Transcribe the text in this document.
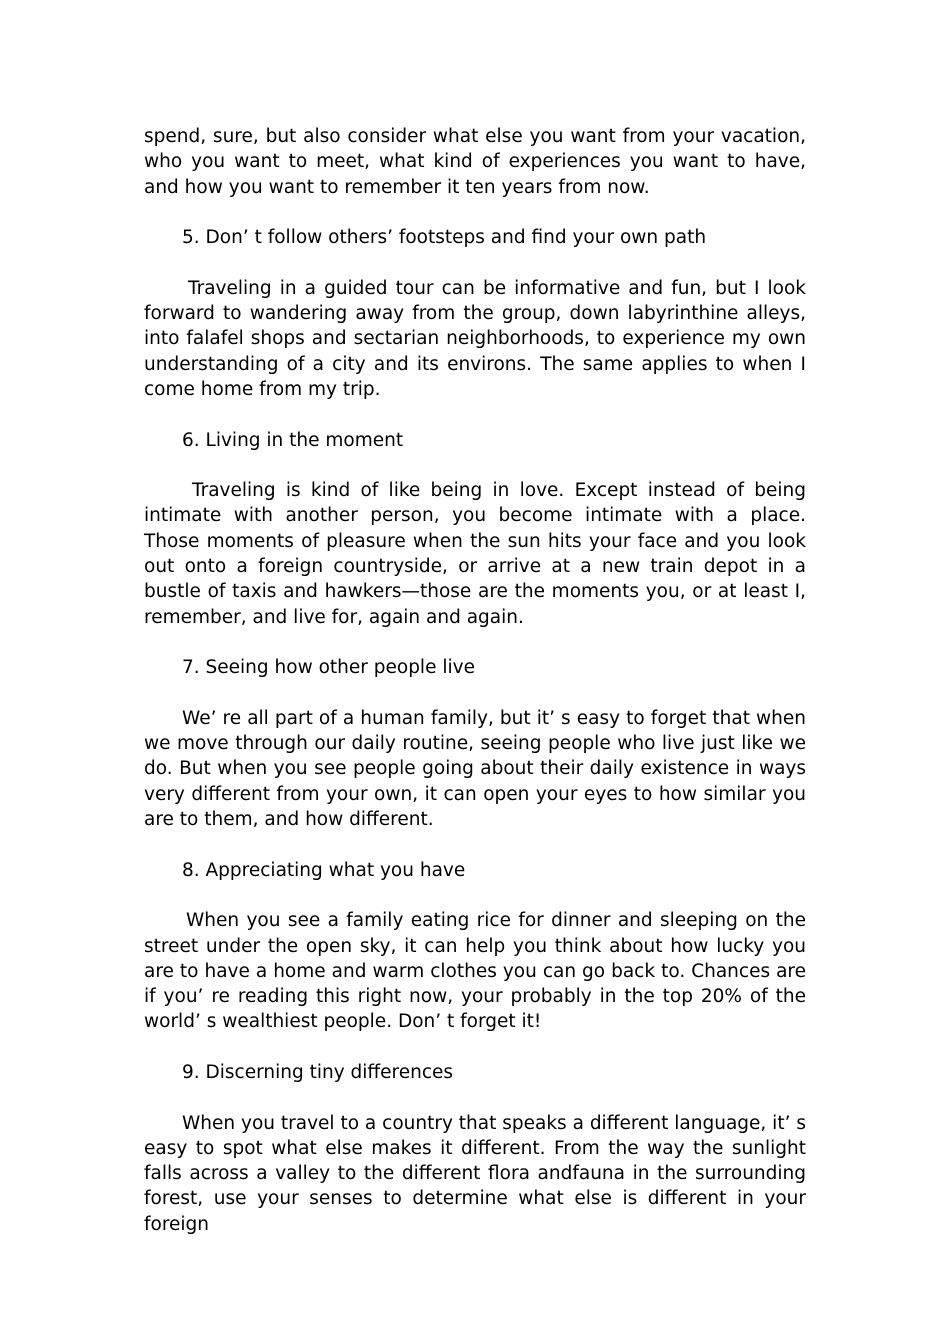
spend, sure, but also consider what else you want from your vacation, who you want to meet, what kind of experiences you want to have, and how you want to remember it ten years from now.

5. Don’ t follow others’ footsteps and find your own path

Traveling in a guided tour can be informative and fun, but I look forward to wandering away from the group, down labyrinthine alleys, into falafel shops and sectarian neighborhoods, to experience my own understanding of a city and its environs. The same applies to when I come home from my trip.

6. Living in the moment

Traveling is kind of like being in love. Except instead of being intimate with another person, you become intimate with a place. Those moments of pleasure when the sun hits your face and you look out onto a foreign countryside, or arrive at a new train depot in a bustle of taxis and hawkers—those are the moments you, or at least I, remember, and live for, again and again.

7. Seeing how other people live

We’ re all part of a human family, but it’ s easy to forget that when we move through our daily routine, seeing people who live just like we do. But when you see people going about their daily existence in ways very different from your own, it can open your eyes to how similar you are to them, and how different.

8. Appreciating what you have

When you see a family eating rice for dinner and sleeping on the street under the open sky, it can help you think about how lucky you are to have a home and warm clothes you can go back to. Chances are if you’ re reading this right now, your probably in the top 20% of the world’ s wealthiest people. Don’ t forget it!

9. Discerning tiny differences

When you travel to a country that speaks a different language, it’ s easy to spot what else makes it different. From the way the sunlight falls across a valley to the different flora andfauna in the surrounding forest, use your senses to determine what else is different in your foreign
